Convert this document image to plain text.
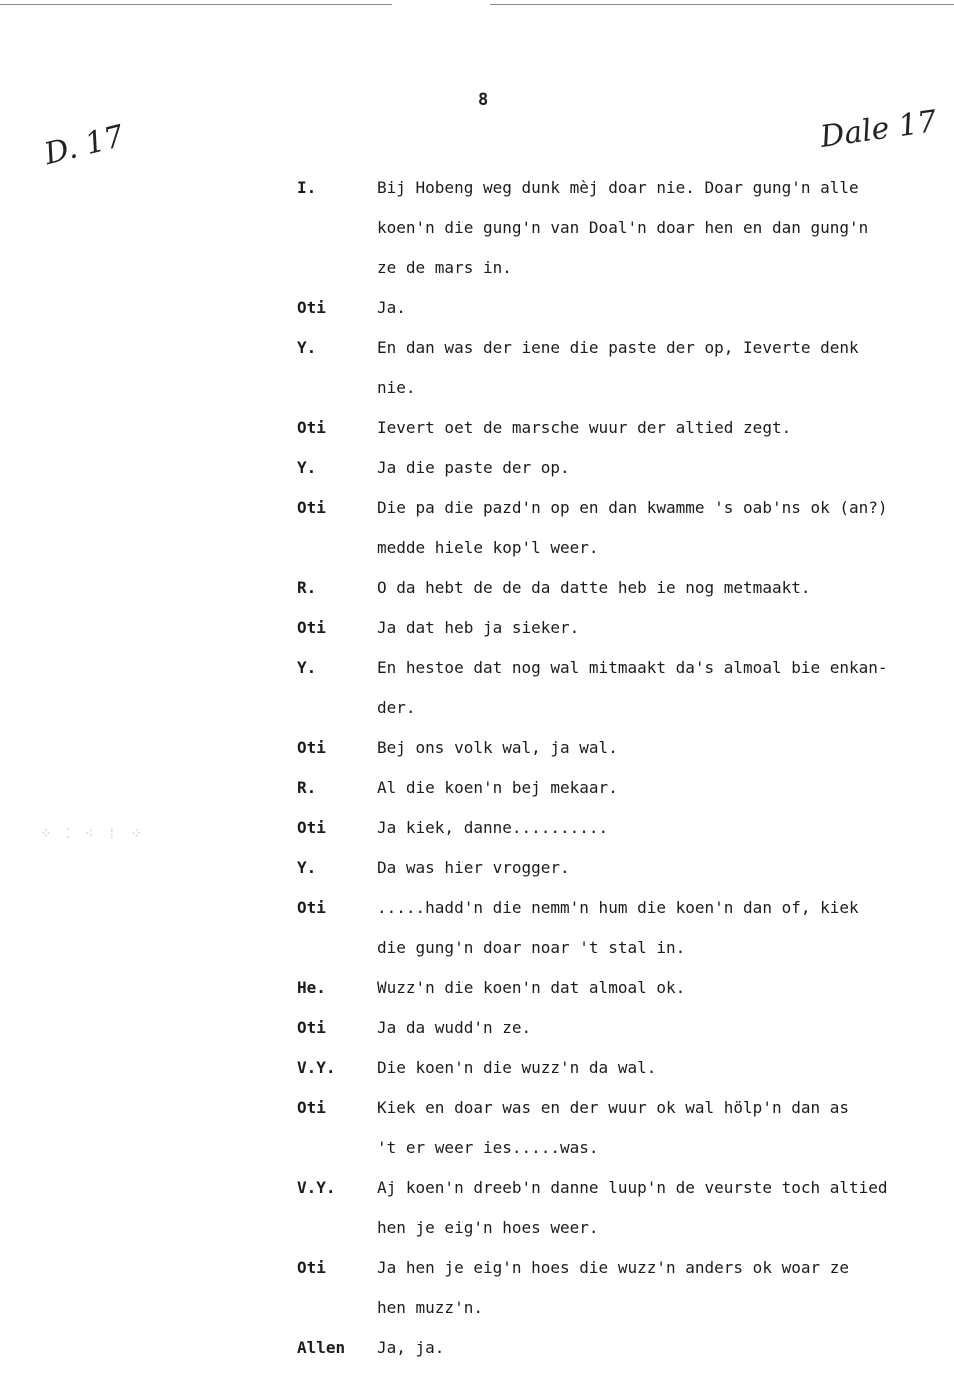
8
D. 17	Dale 17
⁘ ⁚ ⁖ ⁞ ⁘
I.	Bij Hobeng weg dunk mèj doar nie. Doar gung'n alle
koen'n die gung'n van Doal'n doar hen en dan gung'n
ze de mars in.
Oti	Ja.
Y.	En dan was der iene die paste der op, Ieverte denk
nie.
Oti	Ievert oet de marsche wuur der altied zegt.
Y.	Ja die paste der op.
Oti	Die pa die pazd'n op en dan kwamme 's oab'ns ok (an?)
medde hiele kop'l weer.
R.	O da hebt de de da datte heb ie nog metmaakt.
Oti	Ja dat heb ja sieker.
Y.	En hestoe dat nog wal mitmaakt da's almoal bie enkan-
der.
Oti	Bej ons volk wal, ja wal.
R.	Al die koen'n bej mekaar.
Oti	Ja kiek, danne..........
Y.	Da was hier vrogger.
Oti	.....hadd'n die nemm'n hum die koen'n dan of, kiek
die gung'n doar noar 't stal in.
He.	Wuzz'n die koen'n dat almoal ok.
Oti	Ja da wudd'n ze.
V.Y.	Die koen'n die wuzz'n da wal.
Oti	Kiek en doar was en der wuur ok wal hölp'n dan as
't er weer ies.....was.
V.Y.	Aj koen'n dreeb'n danne luup'n de veurste toch altied
hen je eig'n hoes weer.
Oti	Ja hen je eig'n hoes die wuzz'n anders ok woar ze
hen muzz'n.
Allen	Ja, ja.
